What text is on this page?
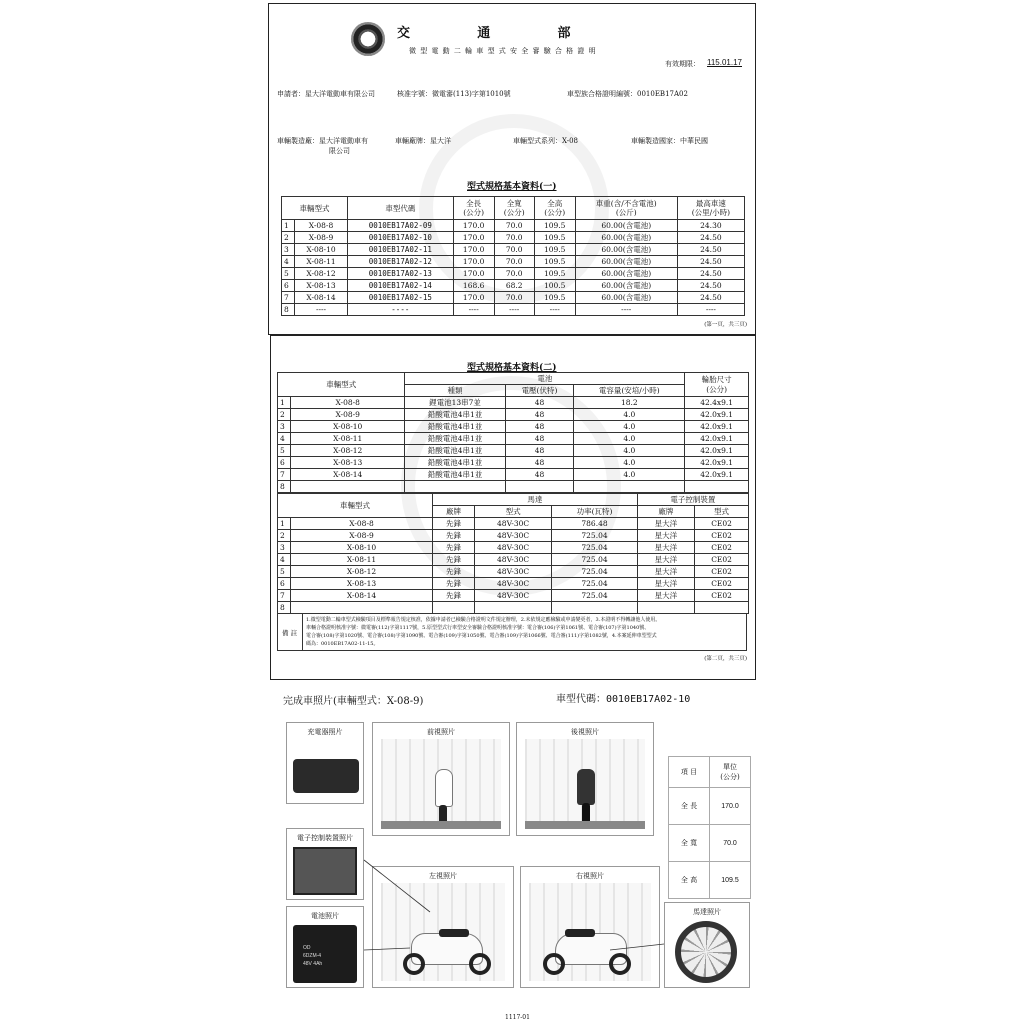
交          通          部
微 型 電 動 二 輪 車 型 式 安 全 審 驗 合 格 證 明
有效期限： 115.01.17
申請者：星大洋電動車有限公司	核准字號：微電審(113)字第1010號	車型族合格證明編號：0010EB17A02
車輛製造廠：星大洋電動車有
限公司
車輛廠牌：星大洋	車輛型式系列：X-08	車輛製造國家：中華民國
型式規格基本資料(一)
車輛型式		車型代碼	全長
(公分)	全寬
(公分)	全高
(公分)	車重(含/不含電池)
(公斤)	最高車速
(公里/小時)
1	X-08-8	0010EB17A02-09	170.0	70.0	109.5	60.00(含電池)	24.30
2	X-08-9	0010EB17A02-10	170.0	70.0	109.5	60.00(含電池)	24.50
3	X-08-10	0010EB17A02-11	170.0	70.0	109.5	60.00(含電池)	24.50
4	X-08-11	0010EB17A02-12	170.0	70.0	109.5	60.00(含電池)	24.50
5	X-08-12	0010EB17A02-13	170.0	70.0	109.5	60.00(含電池)	24.50
6	X-08-13	0010EB17A02-14	168.6	68.2	100.5	60.00(含電池)	24.50
7	X-08-14	0010EB17A02-15	170.0	70.0	109.5	60.00(含電池)	24.50
8	----	----	----	----	----	----	----
(第一頁，共三頁)
型式規格基本資料(二)
車輛型式		電池			輪胎尺寸
(公分)
		種類	電壓(伏特)	電容量(安培/小時)	
1	X-08-8	鋰電池13串7並	48	18.2	42.4x9.1
2	X-08-9	鉛酸電池4串1並	48	4.0	42.0x9.1
3	X-08-10	鉛酸電池4串1並	48	4.0	42.0x9.1
4	X-08-11	鉛酸電池4串1並	48	4.0	42.0x9.1
5	X-08-12	鉛酸電池4串1並	48	4.0	42.0x9.1
6	X-08-13	鉛酸電池4串1並	48	4.0	42.0x9.1
7	X-08-14	鉛酸電池4串1並	48	4.0	42.0x9.1
8					
車輛型式		馬達			電子控制裝置	
		廠牌	型式	功率(瓦特)	廠牌	型式
1	X-08-8	先鋒	48V-30C	786.48	星大洋	CE02
2	X-08-9	先鋒	48V-30C	725.04	星大洋	CE02
3	X-08-10	先鋒	48V-30C	725.04	星大洋	CE02
4	X-08-11	先鋒	48V-30C	725.04	星大洋	CE02
5	X-08-12	先鋒	48V-30C	725.04	星大洋	CE02
6	X-08-13	先鋒	48V-30C	725.04	星大洋	CE02
7	X-08-14	先鋒	48V-30C	725.04	星大洋	CE02
8						
備 註
1.微型電動二輪車型式檢驗項目及標準報告規定核准，依據申請者已檢驗合格證明文件規定辦理，2.未依規定應檢驗或申請變更者，3.本證明不得轉讓他人使用。
車輛合格證明核准字號：微電審(112)字第1117號，5.原型型式行車型安全審驗合格證明核准字號：電合審(106)字第1061號、電合審(107)字第1040號、
電合審(108)字第1020號、電合審(108)字第1090號、電合審(109)字第1050號、電合審(109)字第1066號、電合審(111)字第1082號，4.本案延伸車型型式
碼為：0010EB17A02-11-15。
(第二頁，共三頁)
完成車照片(車輛型式：X-08-9)	車型代碼：0010EB17A02-10
充電器照片	前視照片	後視照片
電子控制裝置照片
左視照片	右視照片
電池照片
OD
6DZM-4
48V 4Ah
馬達照片
項 目	單位
(公分)
全 長	170.0
全 寬	70.0
全 高	109.5
1117-01
